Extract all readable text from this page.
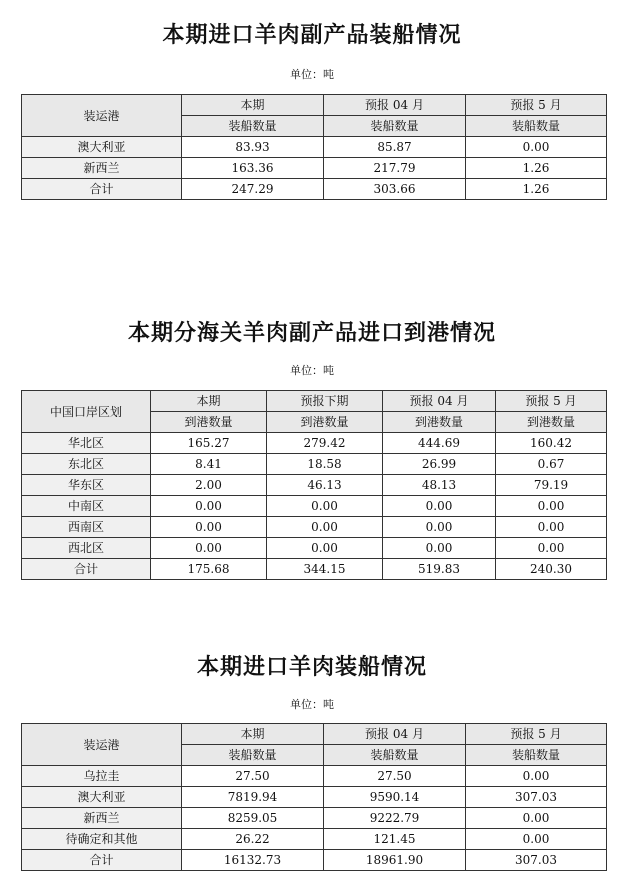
本期进口羊肉副产品装船情况
单位：吨
装运港	本期	预报 04 月	预报 5 月
	装船数量	装船数量	装船数量
澳大利亚	83.93	85.87	0.00
新西兰	163.36	217.79	1.26
合计	247.29	303.66	1.26
本期分海关羊肉副产品进口到港情况
单位：吨
中国口岸区划	本期	预报下期	预报 04 月	预报 5 月
	到港数量	到港数量	到港数量	到港数量
华北区	165.27	279.42	444.69	160.42
东北区	8.41	18.58	26.99	0.67
华东区	2.00	46.13	48.13	79.19
中南区	0.00	0.00	0.00	0.00
西南区	0.00	0.00	0.00	0.00
西北区	0.00	0.00	0.00	0.00
合计	175.68	344.15	519.83	240.30
本期进口羊肉装船情况
单位：吨
装运港	本期	预报 04 月	预报 5 月
	装船数量	装船数量	装船数量
乌拉圭	27.50	27.50	0.00
澳大利亚	7819.94	9590.14	307.03
新西兰	8259.05	9222.79	0.00
待确定和其他	26.22	121.45	0.00
合计	16132.73	18961.90	307.03
